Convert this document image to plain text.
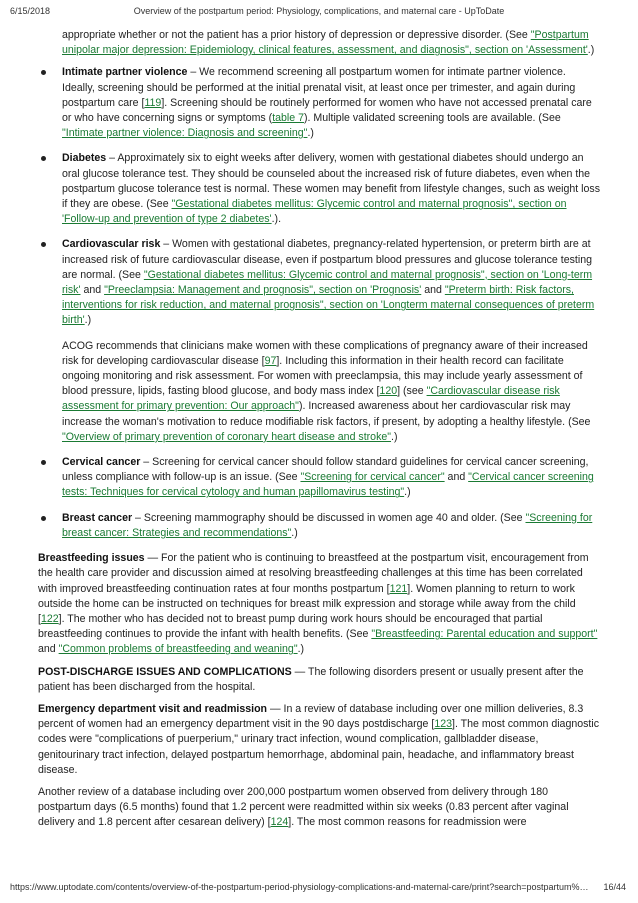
6/15/2018	Overview of the postpartum period: Physiology, complications, and maternal care - UpToDate

appropriate whether or not the patient has a prior history of depression or depressive disorder. (See "Postpartum unipolar major depression: Epidemiology, clinical features, assessment, and diagnosis", section on 'Assessment'.)

Intimate partner violence – We recommend screening all postpartum women for intimate partner violence. Ideally, screening should be performed at the initial prenatal visit, at least once per trimester, and again during postpartum care [119]. Screening should be routinely performed for women who have not accessed prenatal care or who have concerning signs or symptoms (table 7). Multiple validated screening tools are available. (See "Intimate partner violence: Diagnosis and screening".)
Diabetes – Approximately six to eight weeks after delivery, women with gestational diabetes should undergo an oral glucose tolerance test. They should be counseled about the increased risk of future diabetes, even when the postpartum glucose tolerance test is normal. These women may benefit from lifestyle changes, such as weight loss if they are obese. (See "Gestational diabetes mellitus: Glycemic control and maternal prognosis", section on 'Follow-up and prevention of type 2 diabetes'.).
Cardiovascular risk – Women with gestational diabetes, pregnancy-related hypertension, or preterm birth are at increased risk of future cardiovascular disease, even if postpartum blood pressures and glucose tolerance testing are normal. (See "Gestational diabetes mellitus: Glycemic control and maternal prognosis", section on 'Long-term risk' and "Preeclampsia: Management and prognosis", section on 'Prognosis' and "Preterm birth: Risk factors, interventions for risk reduction, and maternal prognosis", section on 'Longterm maternal consequences of preterm birth'.)

ACOG recommends that clinicians make women with these complications of pregnancy aware of their increased risk for developing cardiovascular disease [97]. Including this information in their health record can facilitate ongoing monitoring and risk assessment. For women with preeclampsia, this may include yearly assessment of blood pressure, lipids, fasting blood glucose, and body mass index [120] (see "Cardiovascular disease risk assessment for primary prevention: Our approach"). Increased awareness about her cardiovascular risk may increase the woman's motivation to reduce modifiable risk factors, if present, by adopting a healthy lifestyle. (See "Overview of primary prevention of coronary heart disease and stroke".)

Cervical cancer – Screening for cervical cancer should follow standard guidelines for cervical cancer screening, unless compliance with follow-up is an issue. (See "Screening for cervical cancer" and "Cervical cancer screening tests: Techniques for cervical cytology and human papillomavirus testing".)
Breast cancer – Screening mammography should be discussed in women age 40 and older. (See "Screening for breast cancer: Strategies and recommendations".)

Breastfeeding issues — For the patient who is continuing to breastfeed at the postpartum visit, encouragement from the health care provider and discussion aimed at resolving breastfeeding challenges at this time has been correlated with improved breastfeeding continuation rates at four months postpartum [121]. Women planning to return to work outside the home can be instructed on techniques for breast milk expression and storage while away from the child [122]. The mother who has decided not to breast pump during work hours should be encouraged that partial breastfeeding continues to provide the infant with health benefits. (See "Breastfeeding: Parental education and support" and "Common problems of breastfeeding and weaning".)

POST-DISCHARGE ISSUES AND COMPLICATIONS — The following disorders present or usually present after the patient has been discharged from the hospital.

Emergency department visit and readmission — In a review of database including over one million deliveries, 8.3 percent of women had an emergency department visit in the 90 days postdischarge [123]. The most common diagnostic codes were "complications of puerperium," urinary tract infection, wound complication, gallbladder disease, genitourinary tract infection, delayed postpartum hemorrhage, abdominal pain, headache, and inflammatory breast disease.

Another review of a database including over 200,000 postpartum women observed from delivery through 180 postpartum days (6.5 months) found that 1.2 percent were readmitted within six weeks (0.83 percent after vaginal delivery and 1.8 percent after cesarean delivery) [124]. The most common reasons for readmission were

https://www.uptodate.com/contents/overview-of-the-postpartum-period-physiology-complications-and-maternal-care/print?search=postpartum%… 16/44
